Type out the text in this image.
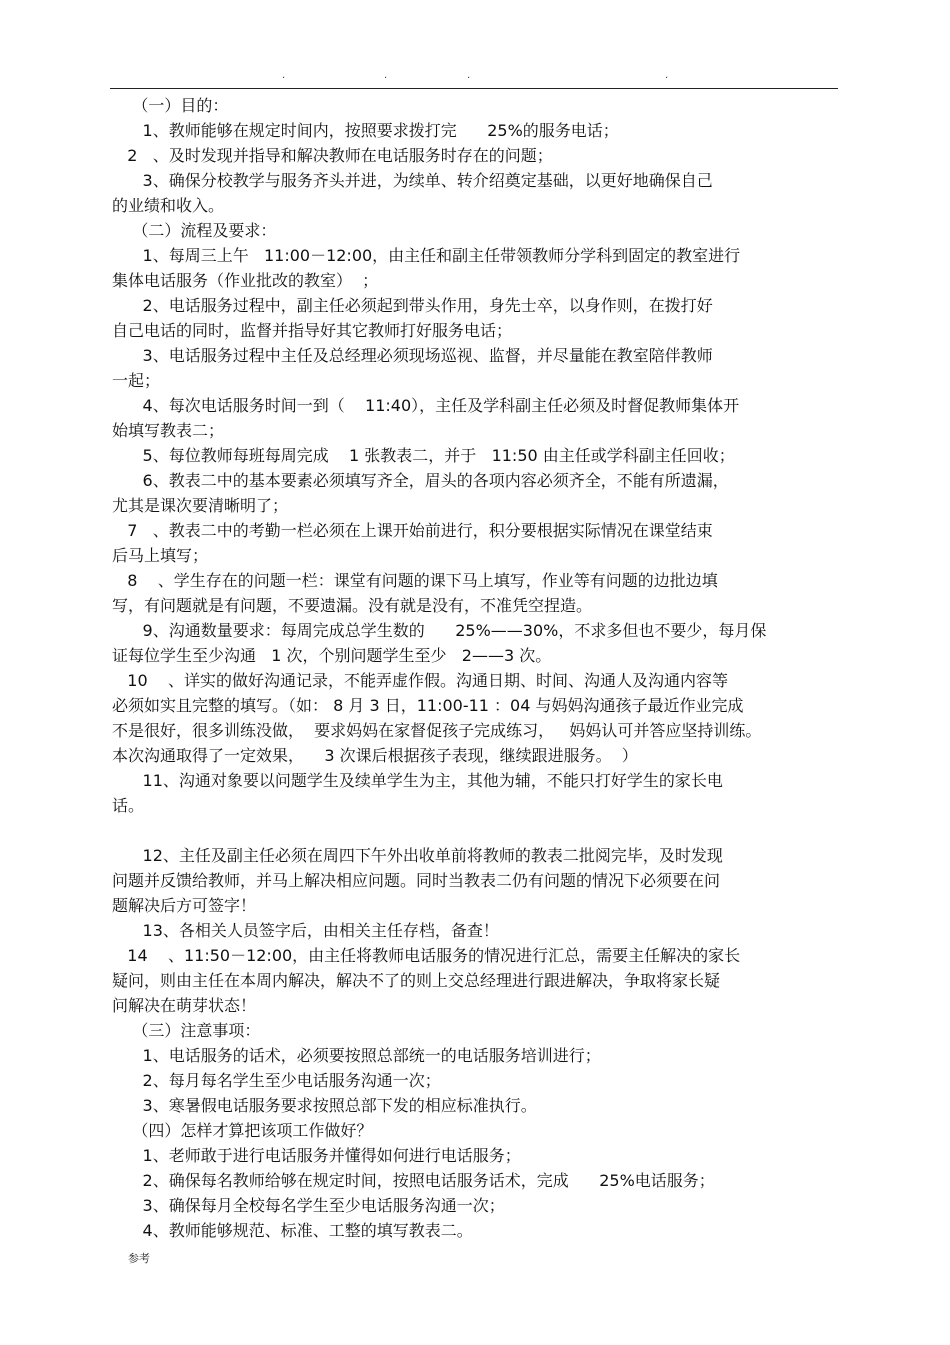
.	.	.	.
（一）目的：
1、教师能够在规定时间内，按照要求拨打完      25%的服务电话；
2   、及时发现并指导和解决教师在电话服务时存在的问题；
3、确保分校教学与服务齐头并进，为续单、转介绍奠定基础，以更好地确保自己
的业绩和收入。
（二）流程及要求：
1、每周三上午   11:00－12:00，由主任和副主任带领教师分学科到固定的教室进行
集体电话服务（作业批改的教室）  ；
2、电话服务过程中，副主任必须起到带头作用，身先士卒，以身作则，在拨打好
自己电话的同时，监督并指导好其它教师打好服务电话；
3、电话服务过程中主任及总经理必须现场巡视、监督，并尽量能在教室陪伴教师
一起；
4、每次电话服务时间一到（    11:40），主任及学科副主任必须及时督促教师集体开
始填写教表二；
5、每位教师每班每周完成    1 张教表二，并于   11:50 由主任或学科副主任回收；
6、教表二中的基本要素必须填写齐全，眉头的各项内容必须齐全，不能有所遗漏，
尤其是课次要清晰明了；
7   、教表二中的考勤一栏必须在上课开始前进行，积分要根据实际情况在课堂结束
后马上填写；
8    、学生存在的问题一栏：课堂有问题的课下马上填写，作业等有问题的边批边填
写，有问题就是有问题，不要遗漏。没有就是没有，不准凭空捏造。
9、沟通数量要求：每周完成总学生数的      25%——30%，不求多但也不要少，每月保
证每位学生至少沟通   1 次，个别问题学生至少   2——3 次。
10    、详实的做好沟通记录，不能弄虚作假。沟通日期、时间、沟通人及沟通内容等
必须如实且完整的填写。（如： 8 月 3 日，11:00-11 ：04 与妈妈沟通孩子最近作业完成
不是很好，很多训练没做，  要求妈妈在家督促孩子完成练习，   妈妈认可并答应坚持训练。
本次沟通取得了一定效果，    3 次课后根据孩子表现，继续跟进服务。  ）
11、沟通对象要以问题学生及续单学生为主，其他为辅，不能只打好学生的家长电
话。
12、主任及副主任必须在周四下午外出收单前将教师的教表二批阅完毕，及时发现
问题并反馈给教师，并马上解决相应问题。同时当教表二仍有问题的情况下必须要在问
题解决后方可签字！
13、各相关人员签字后，由相关主任存档，备查！
14    、11:50－12:00，由主任将教师电话服务的情况进行汇总，需要主任解决的家长
疑问，则由主任在本周内解决，解决不了的则上交总经理进行跟进解决，争取将家长疑
问解决在萌芽状态！
（三）注意事项：
1、电话服务的话术，必须要按照总部统一的电话服务培训进行；
2、每月每名学生至少电话服务沟通一次；
3、寒暑假电话服务要求按照总部下发的相应标准执行。
（四）怎样才算把该项工作做好？
1、老师敢于进行电话服务并懂得如何进行电话服务；
2、确保每名教师给够在规定时间，按照电话服务话术，完成      25%电话服务；
3、确保每月全校每名学生至少电话服务沟通一次；
4、教师能够规范、标准、工整的填写教表二。
参考
